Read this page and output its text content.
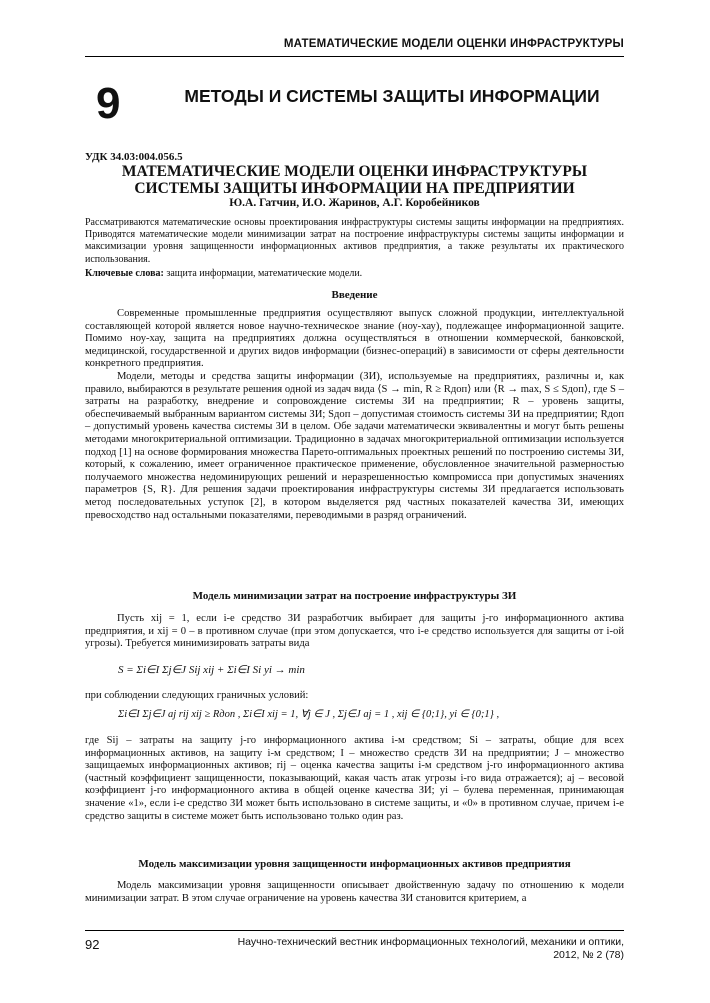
МАТЕМАТИЧЕСКИЕ МОДЕЛИ ОЦЕНКИ ИНФРАСТРУКТУРЫ
9	МЕТОДЫ И СИСТЕМЫ ЗАЩИТЫ ИНФОРМАЦИИ
УДК 34.03:004.056.5
МАТЕМАТИЧЕСКИЕ МОДЕЛИ ОЦЕНКИ ИНФРАСТРУКТУРЫ СИСТЕМЫ ЗАЩИТЫ ИНФОРМАЦИИ НА ПРЕДПРИЯТИИ
Ю.А. Гатчин, И.О. Жаринов, А.Г. Коробейников
Рассматриваются математические основы проектирования инфраструктуры системы защиты информации на предприятиях. Приводятся математические модели минимизации затрат на построение инфраструктуры системы защиты информации и максимизации уровня защищенности информационных активов предприятия, а также результаты их практического использования.
Ключевые слова: защита информации, математические модели.
Введение

Современные промышленные предприятия осуществляют выпуск сложной продукции, интеллектуальной составляющей которой является новое научно-техническое знание (ноу-хау), подлежащее информационной защите. Помимо ноу-хау, защита на предприятиях должна осуществляться в отношении коммерческой, банковской, медицинской, государственной и других видов информации (бизнес-операций) в зависимости от сферы деятельности конкретного предприятия.

Модели, методы и средства защиты информации (ЗИ), используемые на предприятиях, различны и, как правило, выбираются в результате решения одной из задач вида ⟨S → min, R ≥ Rдоп⟩ или ⟨R → max, S ≤ Sдоп⟩, где S – затраты на разработку, внедрение и сопровождение системы ЗИ на предприятии; R – уровень защиты, обеспечиваемый выбранным вариантом системы ЗИ; Sдоп – допустимая стоимость системы ЗИ на предприятии; Rдоп – допустимый уровень качества системы ЗИ в целом. Обе задачи математически эквивалентны и могут быть решены методами многокритериальной оптимизации. Традиционно в задачах многокритериальной оптимизации используется подход [1] на основе формирования множества Парето-оптимальных проектных решений по построению системы ЗИ, который, к сожалению, имеет ограниченное практическое применение, обусловленное значительной размерностью получаемого множества недоминирующих решений и неразрешенностью компромисса при допустимых значениях параметров {S, R}. Для решения задачи проектирования инфраструктуры системы ЗИ предлагается использовать метод последовательных уступок [2], в котором выделяется ряд частных показателей качества ЗИ, имеющих превосходство над остальными показателями, переводимыми в разряд ограничений.

Модель минимизации затрат на построение инфраструктуры ЗИ

Пусть xij = 1, если i-е средство ЗИ разработчик выбирает для защиты j-го информационного актива предприятия, и xij = 0 – в противном случае (при этом допускается, что i-е средство используется для защиты от i-ой угрозы). Требуется минимизировать затраты вида

S = Σi∈I Σj∈J Sij xij + Σi∈I Si yi → min

при соблюдении следующих граничных условий:

Σi∈I Σj∈J aj rij xij ≥ Rдоп , Σi∈I xij = 1, ∀j ∈ J , Σj∈J aj = 1 , xij ∈ {0;1}, yi ∈ {0;1} ,

где Sij – затраты на защиту j-го информационного актива i-м средством; Si – затраты, общие для всех информационных активов, на защиту i-м средством; I – множество средств ЗИ на предприятии; J – множество защищаемых информационных активов; rij – оценка качества защиты i-м средством j-го информационного актива (частный коэффициент защищенности, показывающий, какая часть атак угрозы i-го вида отражается); aj – весовой коэффициент j-го информационного актива в общей оценке качества ЗИ; yi – булева переменная, принимающая значение «1», если i-е средство ЗИ может быть использовано в системе защиты, и «0» в противном случае, причем i-е средство защиты в системе может быть использовано только один раз.

Модель максимизации уровня защищенности информационных активов предприятия

Модель максимизации уровня защищенности описывает двойственную задачу по отношению к модели минимизации затрат. В этом случае ограничение на уровень качества ЗИ становится критерием, а

92	Научно-технический вестник информационных технологий, механики и оптики,
2012, № 2 (78)
